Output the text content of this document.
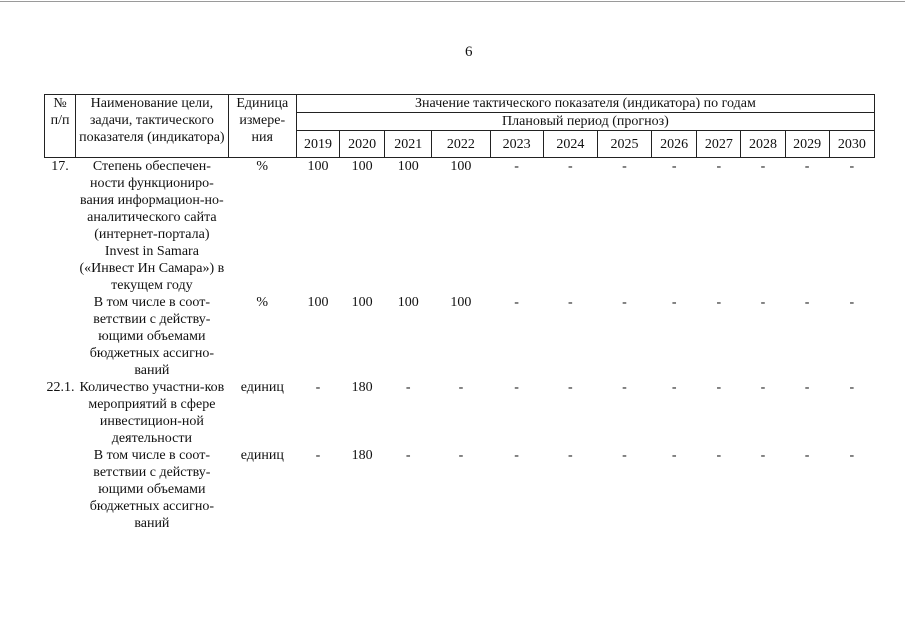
6
№ п/п	Наименование цели, задачи, тактического показателя (индикатора)	Единица измере-ния	Значение тактического показателя (индикатора) по годам											
			Плановый период (прогноз)											
			2019	2020	2021	2022	2023	2024	2025	2026	2027	2028	2029	2030
17.	Степень обеспечен-ности функциониро-вания информацион-но-аналитического сайта (интернет-портала) Invest in Samara («Инвест Ин Самара») в текущем году	%	100	100	100	100	-	-	-	-	-	-	-	-
	В том числе в соот-ветствии с действу-ющими объемами бюджетных ассигно-ваний	%	100	100	100	100	-	-	-	-	-	-	-	-
22.1.	Количество участни-ков мероприятий в сфере инвестицион-ной деятельности	единиц	-	180	-	-	-	-	-	-	-	-	-	-
	В том числе в соот-ветствии с действу-ющими объемами бюджетных ассигно-ваний	единиц	-	180	-	-	-	-	-	-	-	-	-	-
